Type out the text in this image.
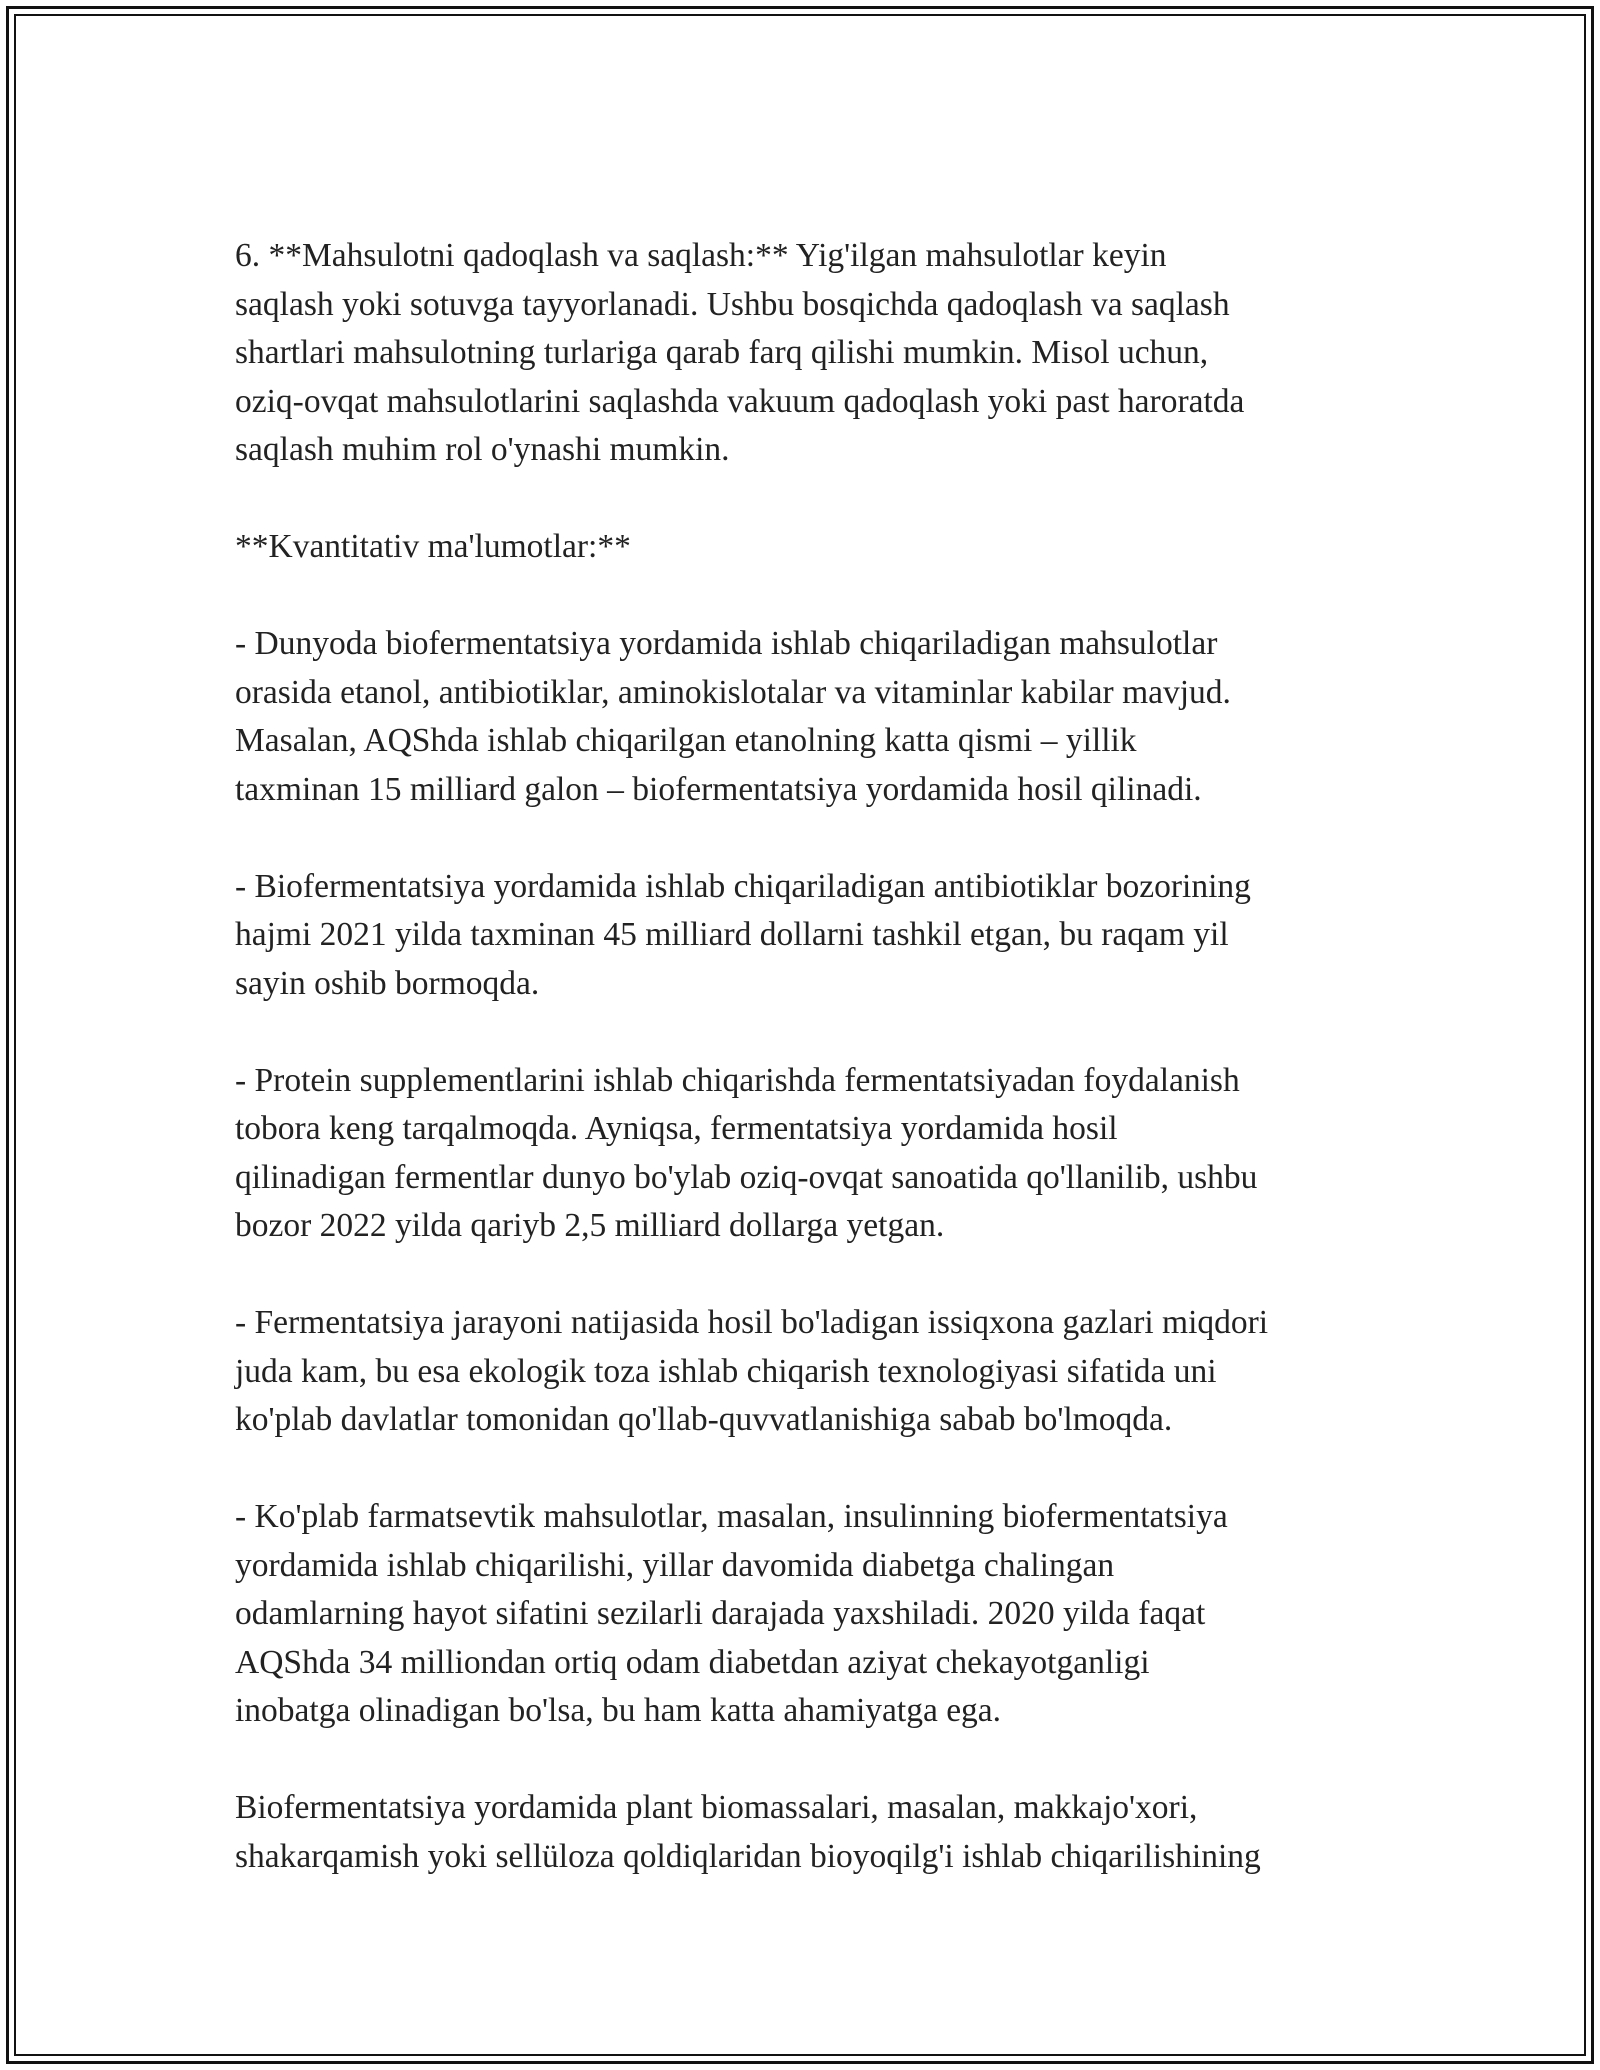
6. **Mahsulotni qadoqlash va saqlash:** Yig'ilgan mahsulotlar keyin
saqlash yoki sotuvga tayyorlanadi. Ushbu bosqichda qadoqlash va saqlash
shartlari mahsulotning turlariga qarab farq qilishi mumkin. Misol uchun,
oziq-ovqat mahsulotlarini saqlashda vakuum qadoqlash yoki past haroratda
saqlash muhim rol o'ynashi mumkin.

**Kvantitativ ma'lumotlar:**

- Dunyoda biofermentatsiya yordamida ishlab chiqariladigan mahsulotlar
orasida etanol, antibiotiklar, aminokislotalar va vitaminlar kabilar mavjud.
Masalan, AQShda ishlab chiqarilgan etanolning katta qismi – yillik
taxminan 15 milliard galon – biofermentatsiya yordamida hosil qilinadi.

- Biofermentatsiya yordamida ishlab chiqariladigan antibiotiklar bozorining
hajmi 2021 yilda taxminan 45 milliard dollarni tashkil etgan, bu raqam yil
sayin oshib bormoqda.

- Protein supplementlarini ishlab chiqarishda fermentatsiyadan foydalanish
tobora keng tarqalmoqda. Ayniqsa, fermentatsiya yordamida hosil
qilinadigan fermentlar dunyo bo'ylab oziq-ovqat sanoatida qo'llanilib, ushbu
bozor 2022 yilda qariyb 2,5 milliard dollarga yetgan.

- Fermentatsiya jarayoni natijasida hosil bo'ladigan issiqxona gazlari miqdori
juda kam, bu esa ekologik toza ishlab chiqarish texnologiyasi sifatida uni
ko'plab davlatlar tomonidan qo'llab-quvvatlanishiga sabab bo'lmoqda.

- Ko'plab farmatsevtik mahsulotlar, masalan, insulinning biofermentatsiya
yordamida ishlab chiqarilishi, yillar davomida diabetga chalingan
odamlarning hayot sifatini sezilarli darajada yaxshiladi. 2020 yilda faqat
AQShda 34 milliondan ortiq odam diabetdan aziyat chekayotganligi
inobatga olinadigan bo'lsa, bu ham katta ahamiyatga ega.

Biofermentatsiya yordamida plant biomassalari, masalan, makkajo'xori,
shakarqamish yoki sellüloza qoldiqlaridan bioyoqilg'i ishlab chiqarilishining
